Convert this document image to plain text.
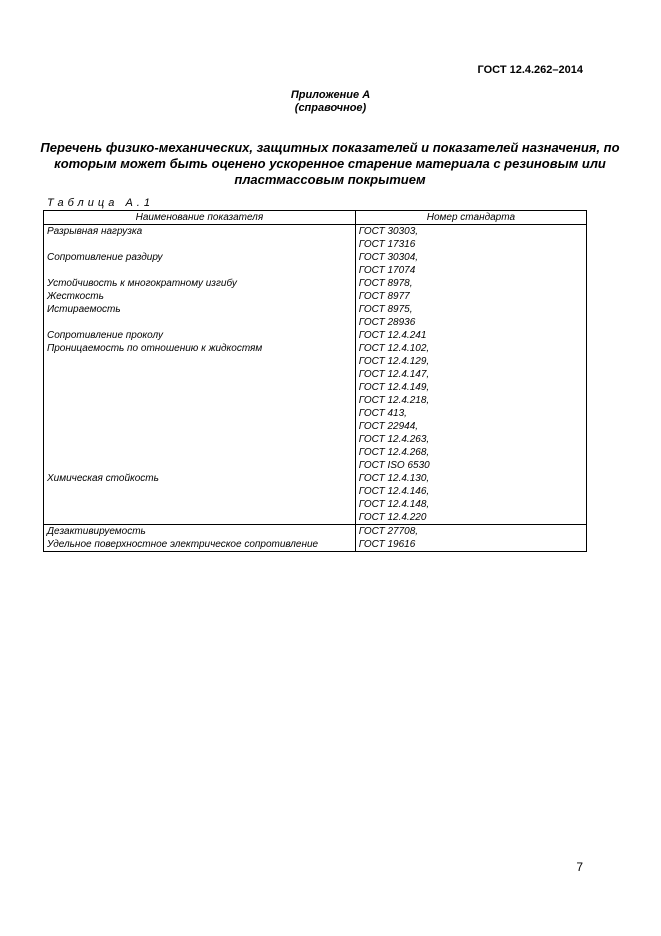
ГОСТ 12.4.262–2014
Приложение А
(справочное)
Перечень физико-механических, защитных показателей и показателей назначения, по которым может быть оценено ускоренное старение материала с резиновым или пластмассовым покрытием
Таблица А.1
Наименование показателя	Номер стандарта
Разрывная нагрузка	ГОСТ 30303,
	ГОСТ 17316
Сопротивление раздиру	ГОСТ 30304,
	ГОСТ 17074
Устойчивость к многократному изгибу	ГОСТ 8978,
Жесткость	ГОСТ 8977
Истираемость	ГОСТ 8975,
	ГОСТ 28936
Сопротивление проколу	ГОСТ 12.4.241
Проницаемость по отношению к жидкостям	ГОСТ 12.4.102,
	ГОСТ 12.4.129,
	ГОСТ 12.4.147,
	ГОСТ 12.4.149,
	ГОСТ 12.4.218,
	ГОСТ 413,
	ГОСТ 22944,
	ГОСТ 12.4.263,
	ГОСТ 12.4.268,
	ГОСТ ISO 6530
Химическая стойкость	ГОСТ 12.4.130,
	ГОСТ 12.4.146,
	ГОСТ 12.4.148,
	ГОСТ 12.4.220
Дезактивируемость	ГОСТ 27708,
Удельное поверхностное электрическое сопротивление	ГОСТ 19616
7
